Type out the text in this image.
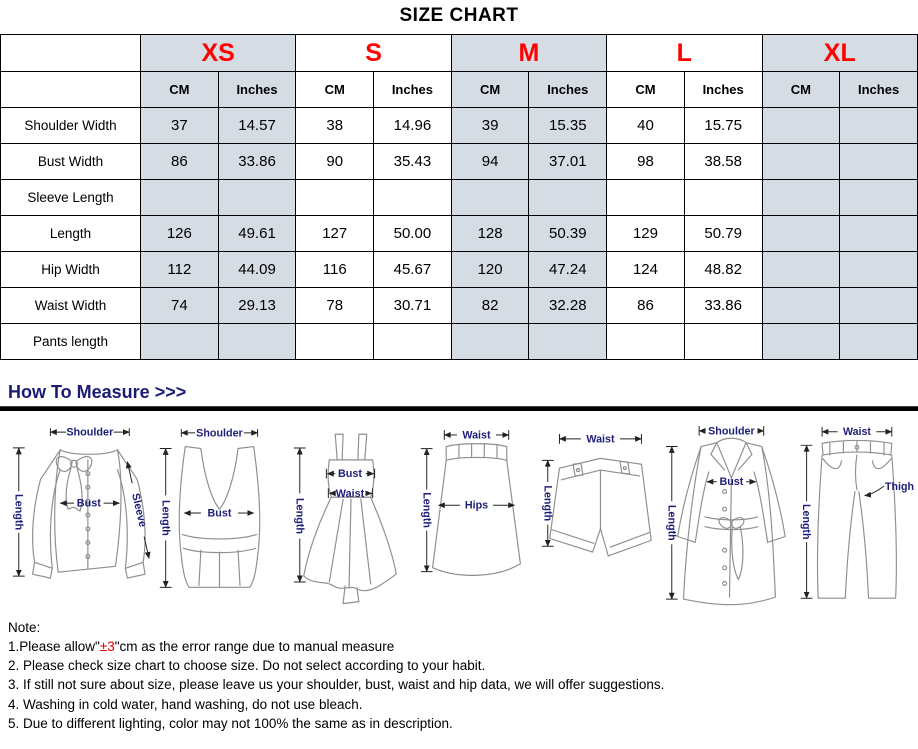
SIZE CHART
	XS		S		M		L		XL	
	CM	Inches	CM	Inches	CM	Inches	CM	Inches	CM	Inches
Shoulder Width	37	14.57	38	14.96	39	15.35	40	15.75		
Bust Width	86	33.86	90	35.43	94	37.01	98	38.58		
Sleeve Length										
Length	126	49.61	127	50.00	128	50.39	129	50.79		
Hip Width	112	44.09	116	45.67	120	47.24	124	48.82		
Waist Width	74	29.13	78	30.71	82	32.28	86	33.86		
Pants length										
How To Measure >>>
Shoulder
Bust	Sleeve
Length
Shoulder
Bust
Length
Bust
Waist
Length
Waist
Hips
Length
Waist
Length
Shoulder
Bust
Length
Waist
Thigh
Length
Note:
1.Please allow"±3"cm as the error range due to manual measure
2. Please check size chart to choose size. Do not select according to your habit.
3. If still not sure about size, please leave us your shoulder, bust, waist and hip data, we will offer suggestions.
4. Washing in cold water, hand washing, do not use bleach.
5. Due to different lighting, color may not 100% the same as in description.
